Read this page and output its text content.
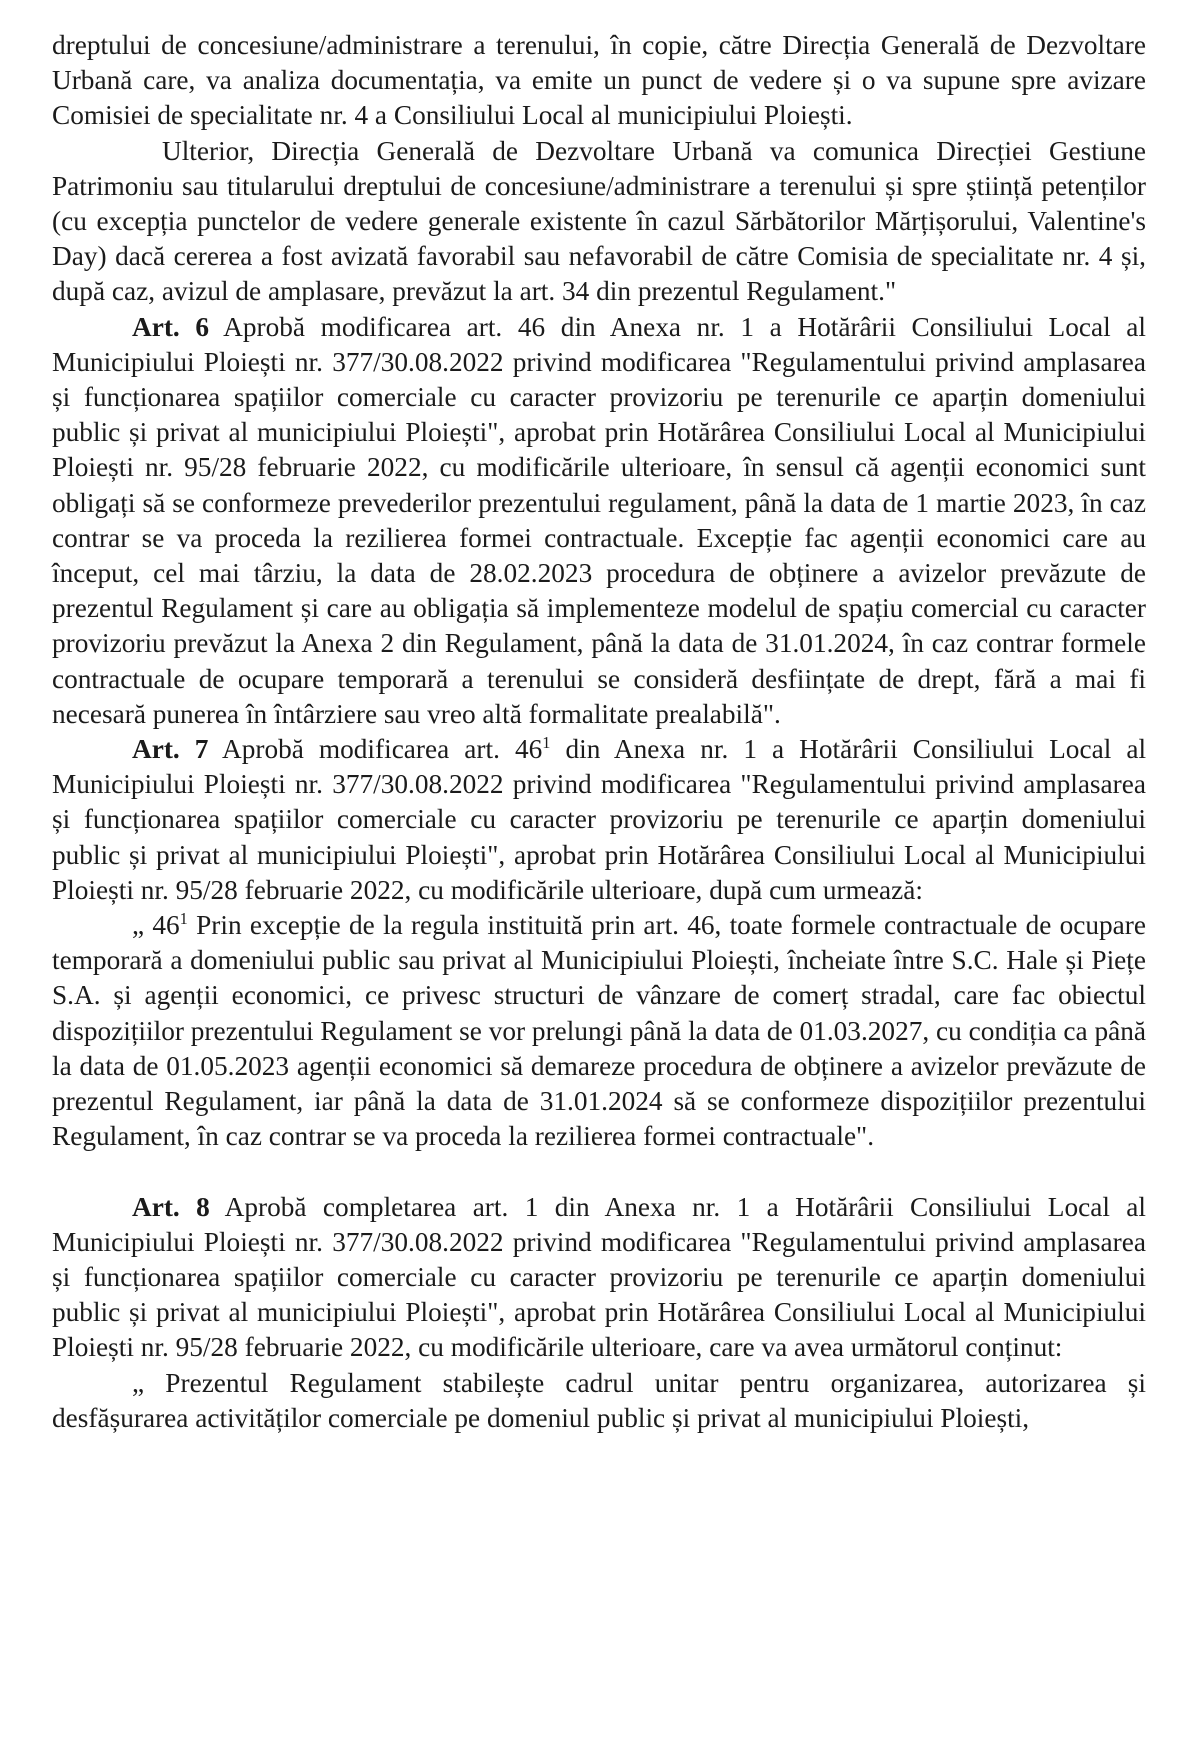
dreptului de concesiune/administrare a terenului, în copie, către Direcția Generală de Dezvoltare Urbană care, va analiza documentația, va emite un punct de vedere și o va supune spre avizare Comisiei de specialitate nr. 4 a Consiliului Local al municipiului Ploiești.

Ulterior, Direcția Generală de Dezvoltare Urbană va comunica Direcției Gestiune Patrimoniu sau titularului dreptului de concesiune/administrare a terenului și spre știință petenților (cu excepția punctelor de vedere generale existente în cazul Sărbătorilor Mărțișorului, Valentine's Day) dacă cererea a fost avizată favorabil sau nefavorabil de către Comisia de specialitate nr. 4 și, după caz, avizul de amplasare, prevăzut la art. 34 din prezentul Regulament."

Art. 6 Aprobă modificarea art. 46 din Anexa nr. 1 a Hotărârii Consiliului Local al Municipiului Ploiești nr. 377/30.08.2022 privind modificarea "Regulamentului privind amplasarea și funcționarea spațiilor comerciale cu caracter provizoriu pe terenurile ce aparțin domeniului public și privat al municipiului Ploiești", aprobat prin Hotărârea Consiliului Local al Municipiului Ploiești nr. 95/28 februarie 2022, cu modificările ulterioare, în sensul că agenții economici sunt obligați să se conformeze prevederilor prezentului regulament, până la data de 1 martie 2023, în caz contrar se va proceda la rezilierea formei contractuale. Excepție fac agenții economici care au început, cel mai târziu, la data de 28.02.2023 procedura de obținere a avizelor prevăzute de prezentul Regulament și care au obligația să implementeze modelul de spațiu comercial cu caracter provizoriu prevăzut la Anexa 2 din Regulament, până la data de 31.01.2024, în caz contrar formele contractuale de ocupare temporară a terenului se consideră desființate de drept, fără a mai fi necesară punerea în întârziere sau vreo altă formalitate prealabilă".

Art. 7 Aprobă modificarea art. $46^1$ din Anexa nr. 1 a Hotărârii Consiliului Local al Municipiului Ploiești nr. 377/30.08.2022 privind modificarea "Regulamentului privind amplasarea și funcționarea spațiilor comerciale cu caracter provizoriu pe terenurile ce aparțin domeniului public și privat al municipiului Ploiești", aprobat prin Hotărârea Consiliului Local al Municipiului Ploiești nr. 95/28 februarie 2022, cu modificările ulterioare, după cum urmează:

„ $46^1$ Prin excepție de la regula instituită prin art. 46, toate formele contractuale de ocupare temporară a domeniului public sau privat al Municipiului Ploiești, încheiate între S.C. Hale și Piețe S.A. și agenții economici, ce privesc structuri de vânzare de comerț stradal, care fac obiectul dispozițiilor prezentului Regulament se vor prelungi până la data de 01.03.2027, cu condiția ca până la data de 01.05.2023 agenții economici să demareze procedura de obținere a avizelor prevăzute de prezentul Regulament, iar până la data de 31.01.2024 să se conformeze dispozițiilor prezentului Regulament, în caz contrar se va proceda la rezilierea formei contractuale".

Art. 8 Aprobă completarea art. 1 din Anexa nr. 1 a Hotărârii Consiliului Local al Municipiului Ploiești nr. 377/30.08.2022 privind modificarea "Regulamentului privind amplasarea și funcționarea spațiilor comerciale cu caracter provizoriu pe terenurile ce aparțin domeniului public și privat al municipiului Ploiești", aprobat prin Hotărârea Consiliului Local al Municipiului Ploiești nr. 95/28 februarie 2022, cu modificările ulterioare, care va avea următorul conținut:

„ Prezentul Regulament stabilește cadrul unitar pentru organizarea, autorizarea și desfășurarea activităților comerciale pe domeniul public și privat al municipiului Ploiești,
